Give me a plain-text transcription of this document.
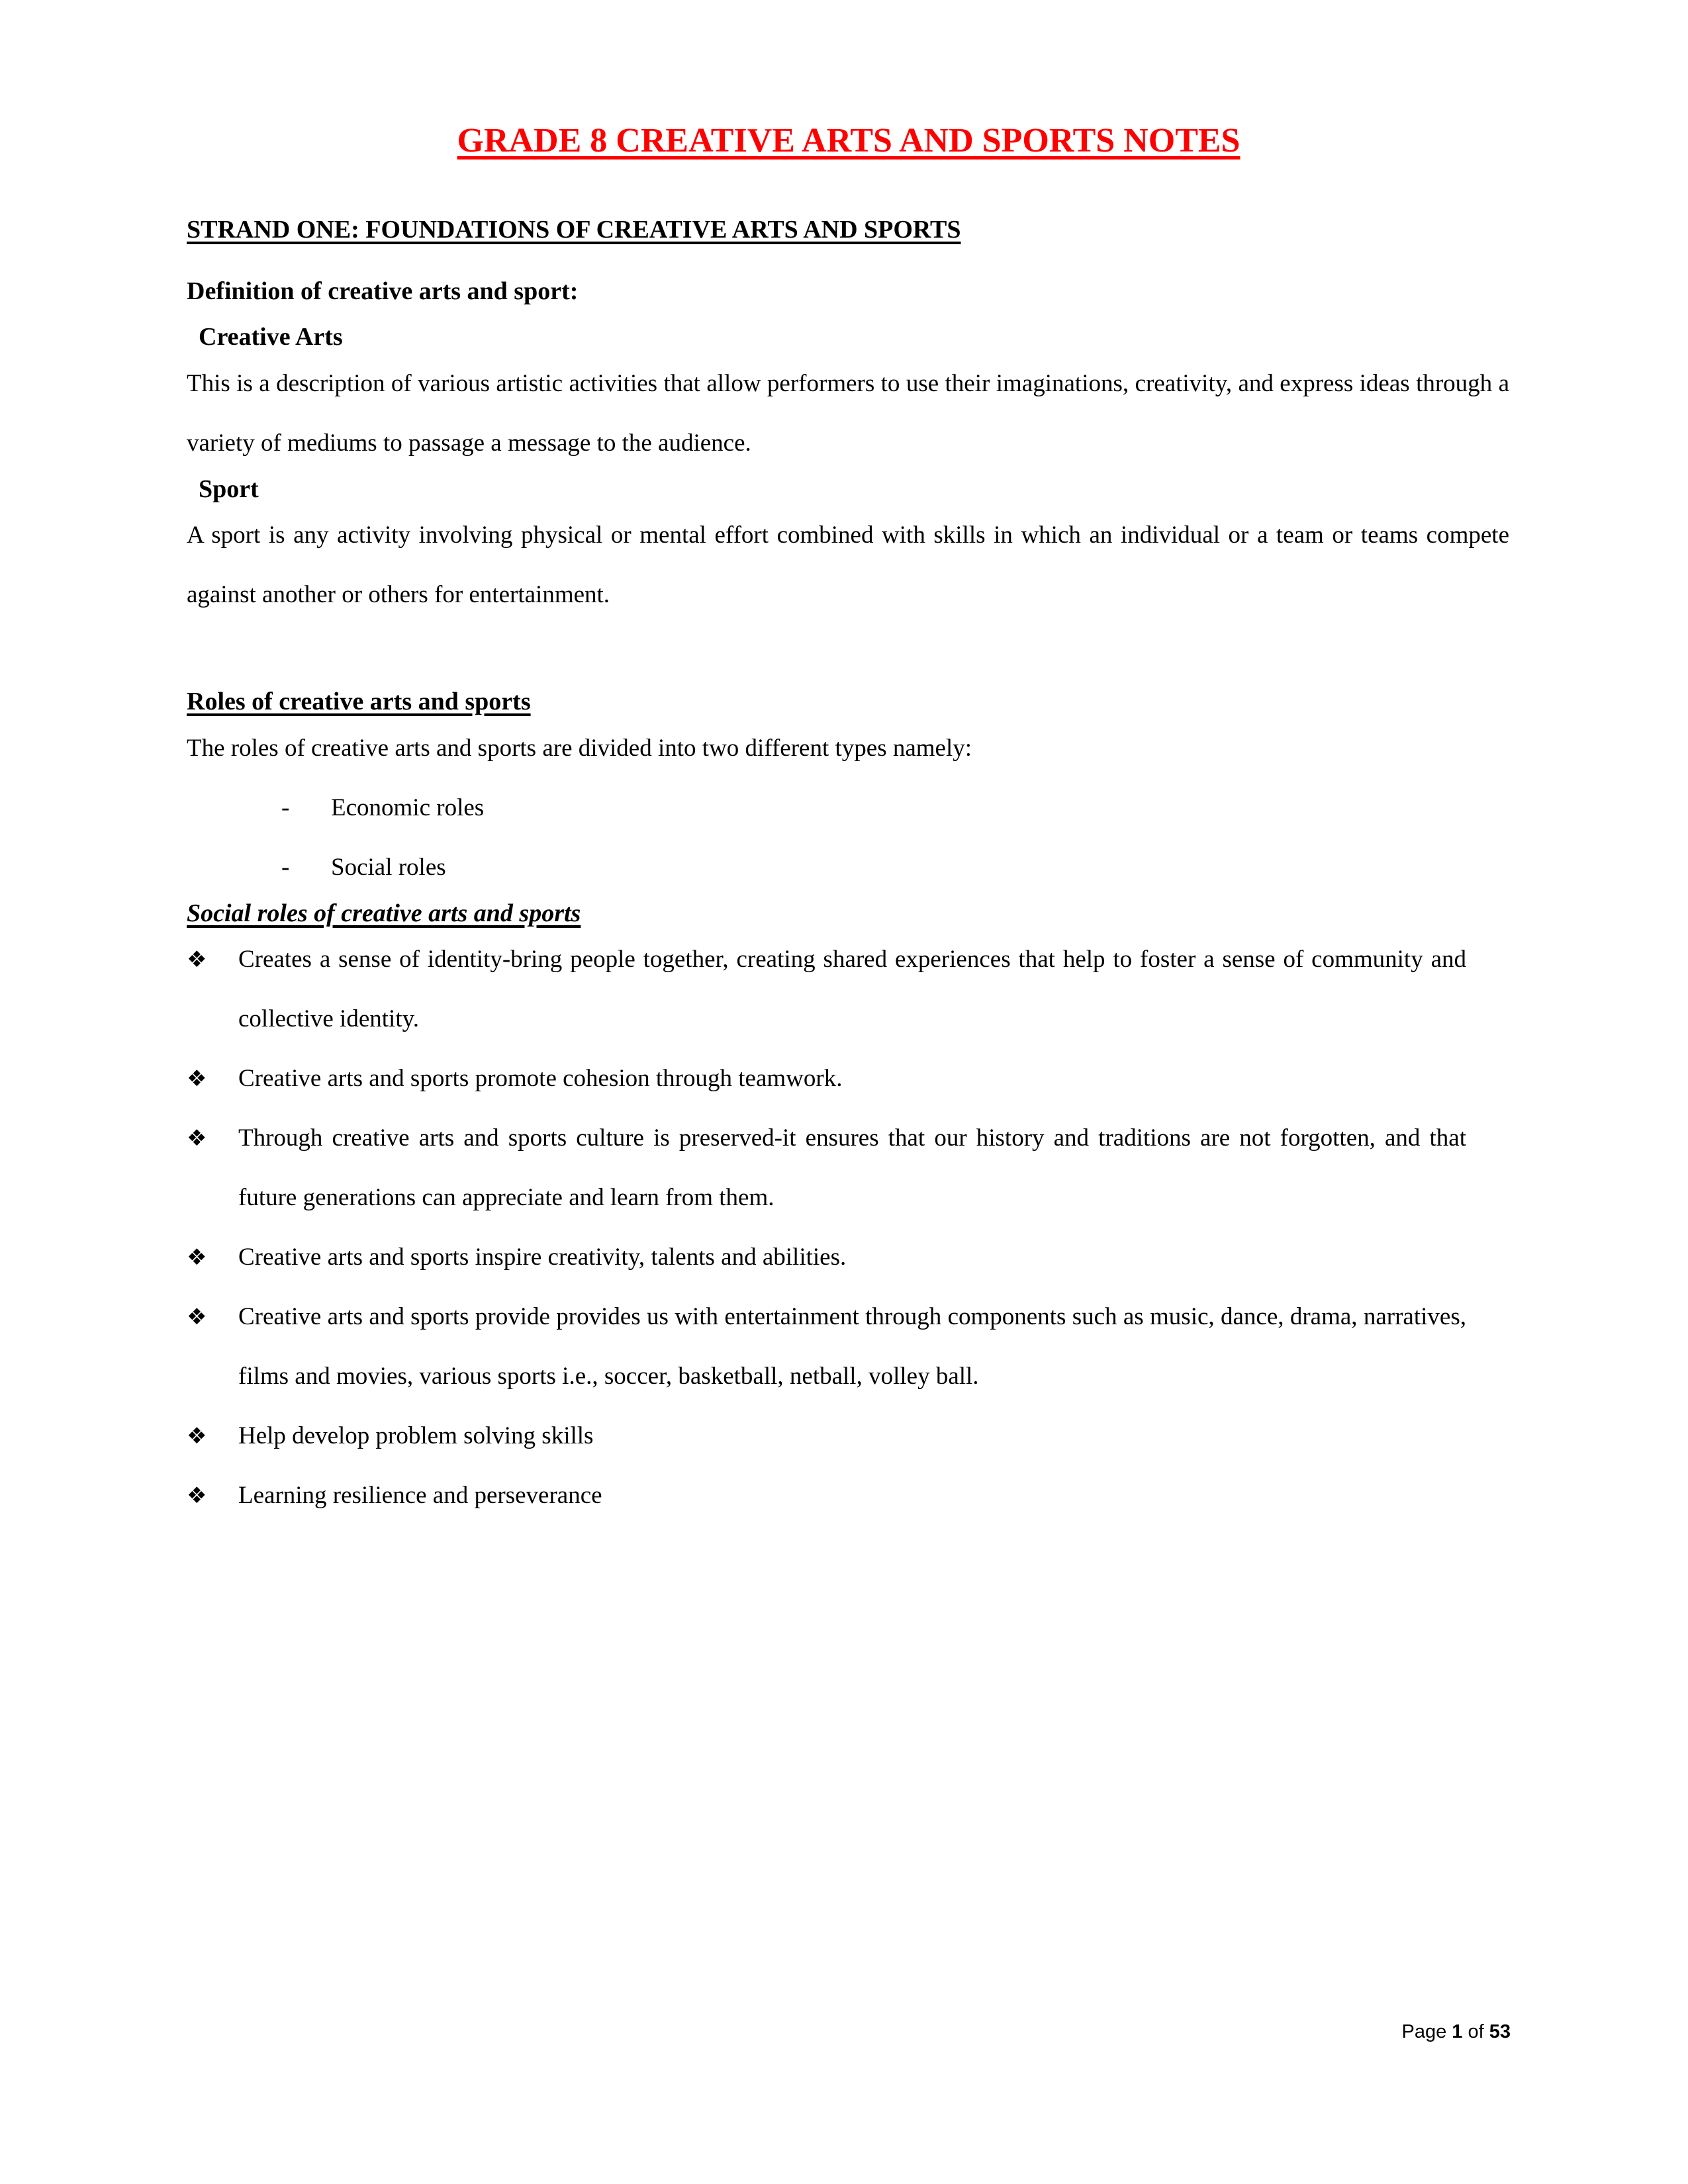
GRADE 8 CREATIVE ARTS AND SPORTS NOTES
STRAND ONE: FOUNDATIONS OF CREATIVE ARTS AND SPORTS
Definition of creative arts and sport:
Creative Arts

This is a description of various artistic activities that allow performers to use their imaginations, creativity, and express ideas through a variety of mediums to passage a message to the audience.

Sport

A sport is any activity involving physical or mental effort combined with skills in which an individual or a team or teams compete against another or others for entertainment.

Roles of creative arts and sports

The roles of creative arts and sports are divided into two different types namely:

- Economic roles
- Social roles
Social roles of creative arts and sports
❖	Creates a sense of identity-bring people together, creating shared experiences that help to foster a sense of community and collective identity.
❖	Creative arts and sports promote cohesion through teamwork.
❖	Through creative arts and sports culture is preserved-it ensures that our history and traditions are not forgotten, and that future generations can appreciate and learn from them.
❖	Creative arts and sports inspire creativity, talents and abilities.
❖	Creative arts and sports provide provides us with entertainment through components such as music, dance, drama, narratives, films and movies, various sports i.e., soccer, basketball, netball, volley ball.
❖	Help develop problem solving skills
❖	Learning resilience and perseverance
Page 1 of 53
